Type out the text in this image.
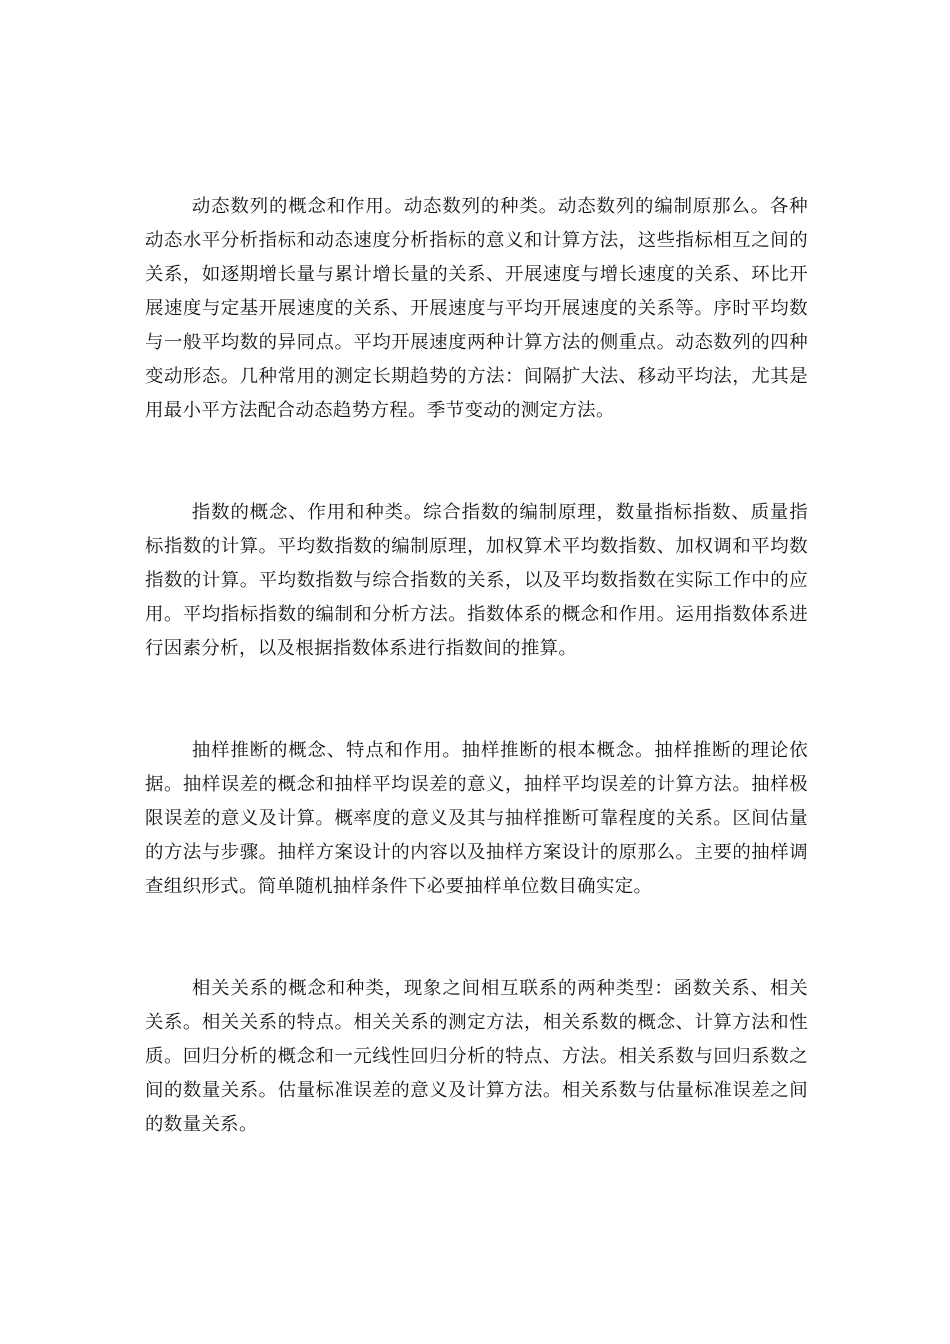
动态数列的概念和作用。动态数列的种类。动态数列的编制原那么。各种动态水平分析指标和动态速度分析指标的意义和计算方法，这些指标相互之间的关系，如逐期增长量与累计增长量的关系、开展速度与增长速度的关系、环比开展速度与定基开展速度的关系、开展速度与平均开展速度的关系等。序时平均数与一般平均数的异同点。平均开展速度两种计算方法的侧重点。动态数列的四种变动形态。几种常用的测定长期趋势的方法：间隔扩大法、移动平均法，尤其是用最小平方法配合动态趋势方程。季节变动的测定方法。

指数的概念、作用和种类。综合指数的编制原理，数量指标指数、质量指标指数的计算。平均数指数的编制原理，加权算术平均数指数、加权调和平均数指数的计算。平均数指数与综合指数的关系，以及平均数指数在实际工作中的应用。平均指标指数的编制和分析方法。指数体系的概念和作用。运用指数体系进行因素分析，以及根据指数体系进行指数间的推算。

抽样推断的概念、特点和作用。抽样推断的根本概念。抽样推断的理论依据。抽样误差的概念和抽样平均误差的意义，抽样平均误差的计算方法。抽样极限误差的意义及计算。概率度的意义及其与抽样推断可靠程度的关系。区间估量的方法与步骤。抽样方案设计的内容以及抽样方案设计的原那么。主要的抽样调查组织形式。简单随机抽样条件下必要抽样单位数目确实定。

相关关系的概念和种类，现象之间相互联系的两种类型：函数关系、相关关系。相关关系的特点。相关关系的测定方法，相关系数的概念、计算方法和性质。回归分析的概念和一元线性回归分析的特点、方法。相关系数与回归系数之间的数量关系。估量标准误差的意义及计算方法。相关系数与估量标准误差之间的数量关系。
